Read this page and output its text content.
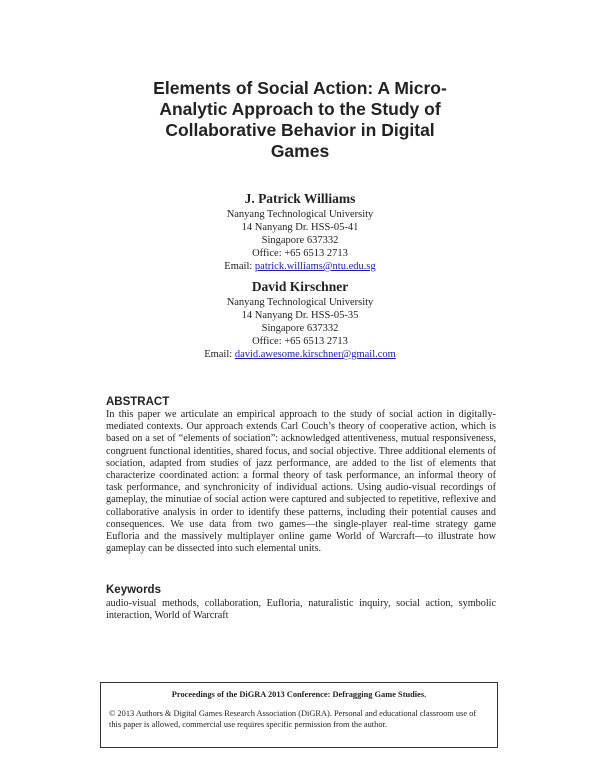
Elements of Social Action: A Micro-
Analytic Approach to the Study of
Collaborative Behavior in Digital
Games
J. Patrick Williams
Nanyang Technological University
14 Nanyang Dr. HSS-05-41
Singapore 637332
Office: +65 6513 2713
Email: patrick.williams@ntu.edu.sg
David Kirschner
Nanyang Technological University
14 Nanyang Dr. HSS-05-35
Singapore 637332
Office: +65 6513 2713
Email: david.awesome.kirschner@gmail.com
ABSTRACT

In this paper we articulate an empirical approach to the study of social action in digitally-mediated contexts. Our approach extends Carl Couch’s theory of cooperative action, which is based on a set of “elements of sociation”: acknowledged attentiveness, mutual responsiveness, congruent functional identities, shared focus, and social objective. Three additional elements of sociation, adapted from studies of jazz performance, are added to the list of elements that characterize coordinated action: a formal theory of task performance, an informal theory of task performance, and synchronicity of individual actions. Using audio-visual recordings of gameplay, the minutiae of social action were captured and subjected to repetitive, reflexive and collaborative analysis in order to identify these patterns, including their potential causes and consequences. We use data from two games—the single-player real-time strategy game Eufloria and the massively multiplayer online game World of Warcraft—to illustrate how gameplay can be dissected into such elemental units.

Keywords

audio-visual methods, collaboration, Eufloria, naturalistic inquiry, social action, symbolic interaction, World of Warcraft

Proceedings of the DiGRA 2013 Conference: Defragging Game Studies.
© 2013 Authors & Digital Games Research Association (DiGRA). Personal and educational classroom use of this paper is allowed, commercial use requires specific permission from the author.
